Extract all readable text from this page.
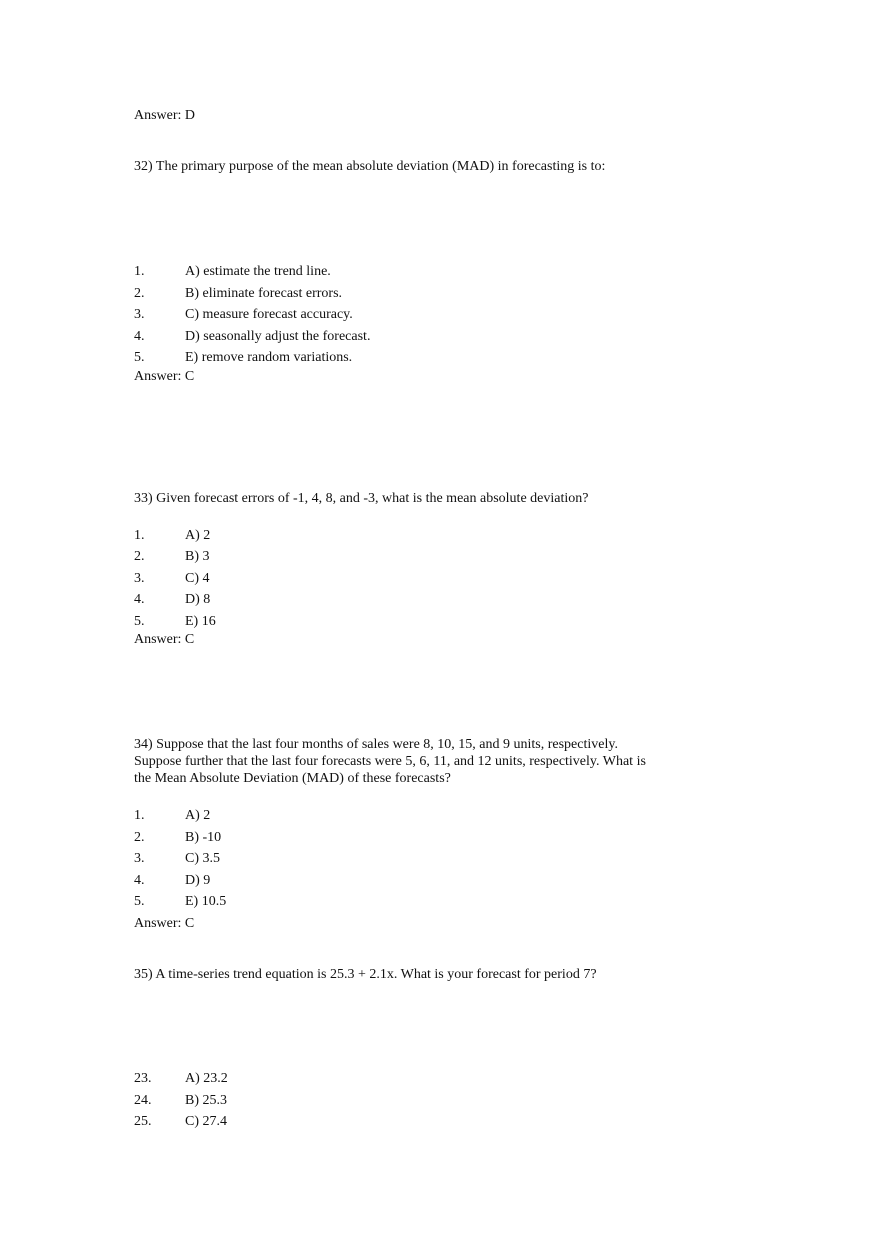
Answer: D
32) The primary purpose of the mean absolute deviation (MAD) in forecasting is to:
1.	A) estimate the trend line.
2.	B) eliminate forecast errors.
3.	C) measure forecast accuracy.
4.	D) seasonally adjust the forecast.
5.	E) remove random variations.
Answer: C
33) Given forecast errors of -1, 4, 8, and -3, what is the mean absolute deviation?
1.	A) 2
2.	B) 3
3.	C) 4
4.	D) 8
5.	E) 16
Answer: C
34) Suppose that the last four months of sales were 8, 10, 15, and 9 units, respectively.
Suppose further that the last four forecasts were 5, 6, 11, and 12 units, respectively. What is
the Mean Absolute Deviation (MAD) of these forecasts?
1.	A) 2
2.	B) -10
3.	C) 3.5
4.	D) 9
5.	E) 10.5
Answer: C
35) A time-series trend equation is 25.3 + 2.1x. What is your forecast for period 7?
23. A) 23.2
24. B) 25.3
25. C) 27.4
